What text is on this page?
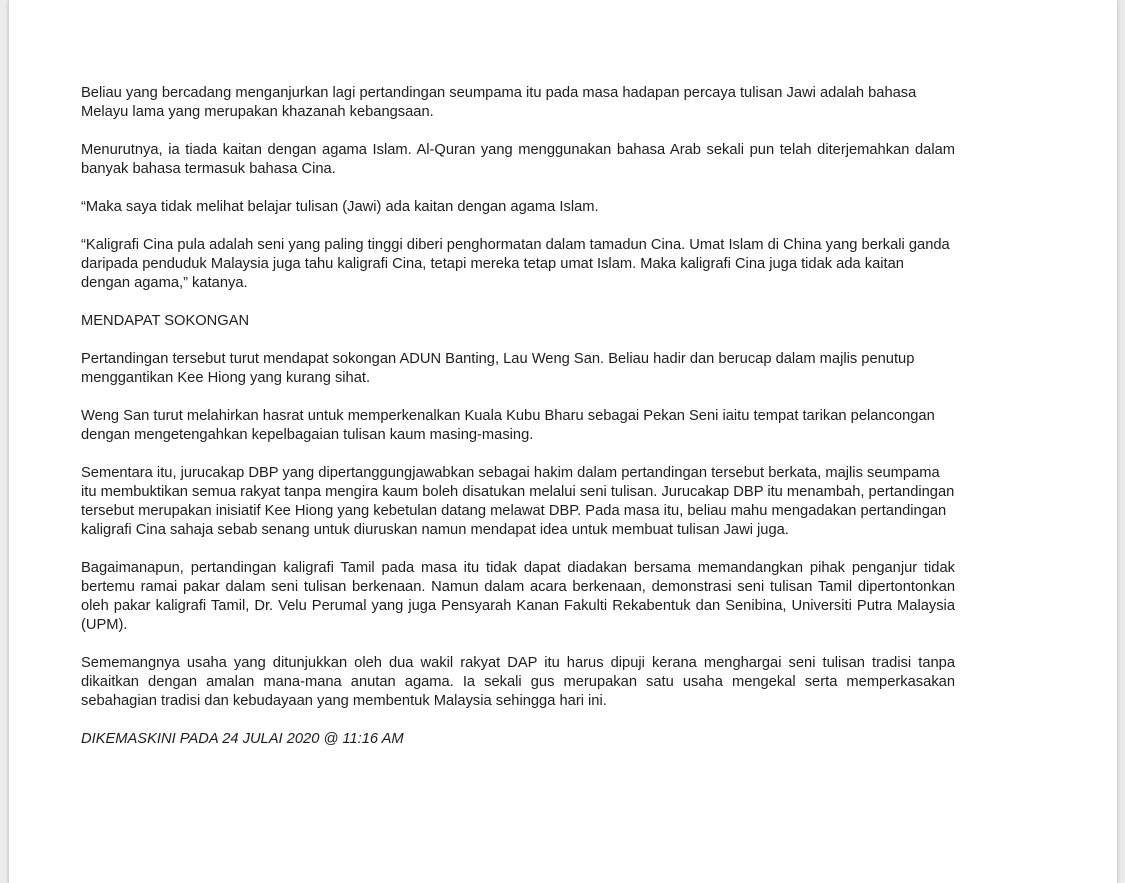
Beliau yang bercadang menganjurkan lagi pertandingan seumpama itu pada masa hadapan percaya tulisan Jawi adalah bahasa Melayu lama yang merupakan khazanah kebangsaan.

Menurutnya, ia tiada kaitan dengan agama Islam. Al-Quran yang menggunakan bahasa Arab sekali pun telah diterjemahkan dalam banyak bahasa termasuk bahasa Cina.

“Maka saya tidak melihat belajar tulisan (Jawi) ada kaitan dengan agama Islam.

“Kaligrafi Cina pula adalah seni yang paling tinggi diberi penghormatan dalam tamadun Cina. Umat Islam di China yang berkali ganda daripada penduduk Malaysia juga tahu kaligrafi Cina, tetapi mereka tetap umat Islam. Maka kaligrafi Cina juga tidak ada kaitan dengan agama,” katanya.

MENDAPAT SOKONGAN

Pertandingan tersebut turut mendapat sokongan ADUN Banting, Lau Weng San. Beliau hadir dan berucap dalam majlis penutup menggantikan Kee Hiong yang kurang sihat.

Weng San turut melahirkan hasrat untuk memperkenalkan Kuala Kubu Bharu sebagai Pekan Seni iaitu tempat tarikan pelancongan dengan mengetengahkan kepelbagaian tulisan kaum masing-masing.

Sementara itu, jurucakap DBP yang dipertanggungjawabkan sebagai hakim dalam pertandingan tersebut berkata, majlis seumpama itu membuktikan semua rakyat tanpa mengira kaum boleh disatukan melalui seni tulisan. Jurucakap DBP itu menambah, pertandingan tersebut merupakan inisiatif Kee Hiong yang kebetulan datang melawat DBP. Pada masa itu, beliau mahu mengadakan pertandingan kaligrafi Cina sahaja sebab senang untuk diuruskan namun mendapat idea untuk membuat tulisan Jawi juga.

Bagaimanapun, pertandingan kaligrafi Tamil pada masa itu tidak dapat diadakan bersama memandangkan pihak penganjur tidak bertemu ramai pakar dalam seni tulisan berkenaan. Namun dalam acara berkenaan, demonstrasi seni tulisan Tamil dipertontonkan oleh pakar kaligrafi Tamil, Dr. Velu Perumal yang juga Pensyarah Kanan Fakulti Rekabentuk dan Senibina, Universiti Putra Malaysia (UPM).

Sememangnya usaha yang ditunjukkan oleh dua wakil rakyat DAP itu harus dipuji kerana menghargai seni tulisan tradisi tanpa dikaitkan dengan amalan mana-mana anutan agama. Ia sekali gus merupakan satu usaha mengekal serta memperkasakan sebahagian tradisi dan kebudayaan yang membentuk Malaysia sehingga hari ini.

DIKEMASKINI PADA 24 JULAI 2020 @ 11:16 AM
